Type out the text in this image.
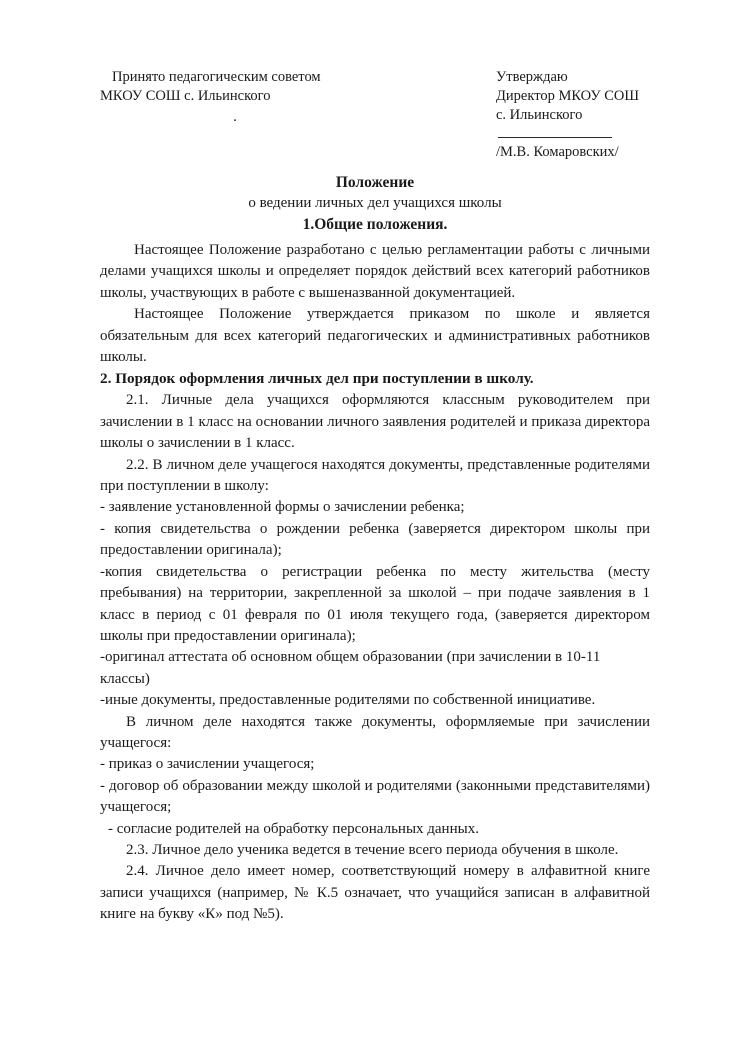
Принято педагогическим советом
МКОУ СОШ с. Ильинского
.
Утверждаю
Директор МКОУ СОШ
с. Ильинского
/М.В. Комаровских/
Положение
о ведении личных дел учащихся школы
1.Общие положения.

Настоящее Положение разработано с целью регламентации работы с личными делами учащихся школы и определяет порядок действий всех категорий работников школы, участвующих в работе с вышеназванной документацией.

Настоящее Положение утверждается приказом по школе и является обязательным для всех категорий педагогических и административных работников школы.

2. Порядок оформления личных дел при поступлении в школу.

2.1. Личные дела учащихся оформляются классным руководителем при зачислении в 1 класс на основании личного заявления родителей и приказа директора школы о зачислении в 1 класс.

2.2. В личном деле учащегося находятся документы, представленные родителями при поступлении в школу:

- заявление установленной формы о зачислении ребенка;

- копия свидетельства о рождении ребенка (заверяется директором школы при предоставлении оригинала);

-копия свидетельства о регистрации ребенка по месту жительства (месту пребывания) на территории, закрепленной за школой – при подаче заявления в 1 класс в период с 01 февраля по 01 июля текущего года, (заверяется директором школы при предоставлении оригинала);

-оригинал аттестата об основном общем образовании (при зачислении в 10-11 классы)

-иные документы, предоставленные родителями по собственной инициативе.

В личном деле находятся также документы, оформляемые при зачислении учащегося:

- приказ о зачислении учащегося;

- договор об образовании между школой и родителями (законными представителями) учащегося;

- согласие родителей на обработку персональных данных.

2.3. Личное дело ученика ведется в течение всего периода обучения в школе.

2.4. Личное дело имеет номер, соответствующий номеру в алфавитной книге записи учащихся (например, № К.5 означает, что учащийся записан в алфавитной книге на букву «К» под №5).
